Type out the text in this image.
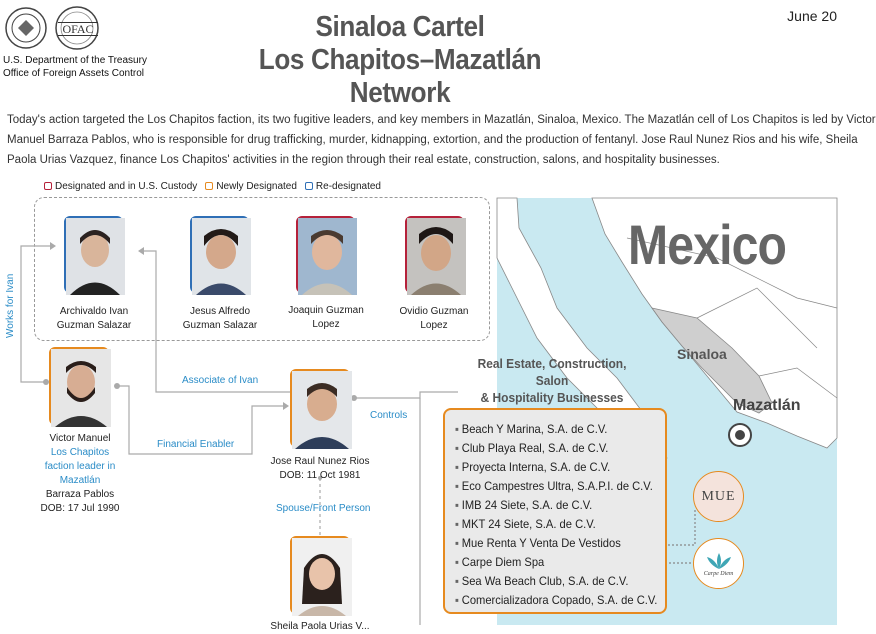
OFAC
U.S. Department of the Treasury
Office of Foreign Assets Control
Sinaloa Cartel
Los Chapitos–Mazatlán Network
June 20
Today's action targeted the Los Chapitos faction, its two fugitive leaders, and key members in Mazatlán, Sinaloa, Mexico. The Mazatlán cell of Los Chapitos is led by Victor
Manuel Barraza Pablos, who is responsible for drug trafficking, murder, kidnapping, extortion, and the production of fentanyl. Jose Raul Nunez Rios and his wife, Sheila
Paola Urias Vazquez, finance Los Chapitos' activities in the region through their real estate, construction, salons, and hospitality businesses.
Designated and in U.S. Custody	Newly Designated	Re-designated
Mexico
Sinaloa
Mazatlán
Works for Ivan
Associate of Ivan
Financial Enabler
Controls
Spouse/Front Person
Archivaldo Ivan
Guzman Salazar
Jesus Alfredo
Guzman Salazar
Joaquin Guzman
Lopez
Ovidio Guzman
Lopez
Victor Manuel
Los Chapitos
faction leader in
Mazatlán
Barraza Pablos
DOB: 17 Jul 1990
Jose Raul Nunez Rios
DOB: 11 Oct 1981
Sheila Paola Urias V...
Real Estate, Construction, Salon
& Hospitality Businesses
▪ Beach Y Marina, S.A. de C.V.
▪ Club Playa Real, S.A. de C.V.
▪ Proyecta Interna, S.A. de C.V.
▪ Eco Campestres Ultra, S.A.P.I. de C.V.
▪ IMB 24 Siete, S.A. de C.V.
▪ MKT 24 Siete, S.A. de C.V.
▪ Mue Renta Y Venta De Vestidos
▪ Carpe Diem Spa
▪ Sea Wa Beach Club, S.A. de C.V.
▪ Comercializadora Copado, S.A. de C.V.
MUE
Carpe Diem
